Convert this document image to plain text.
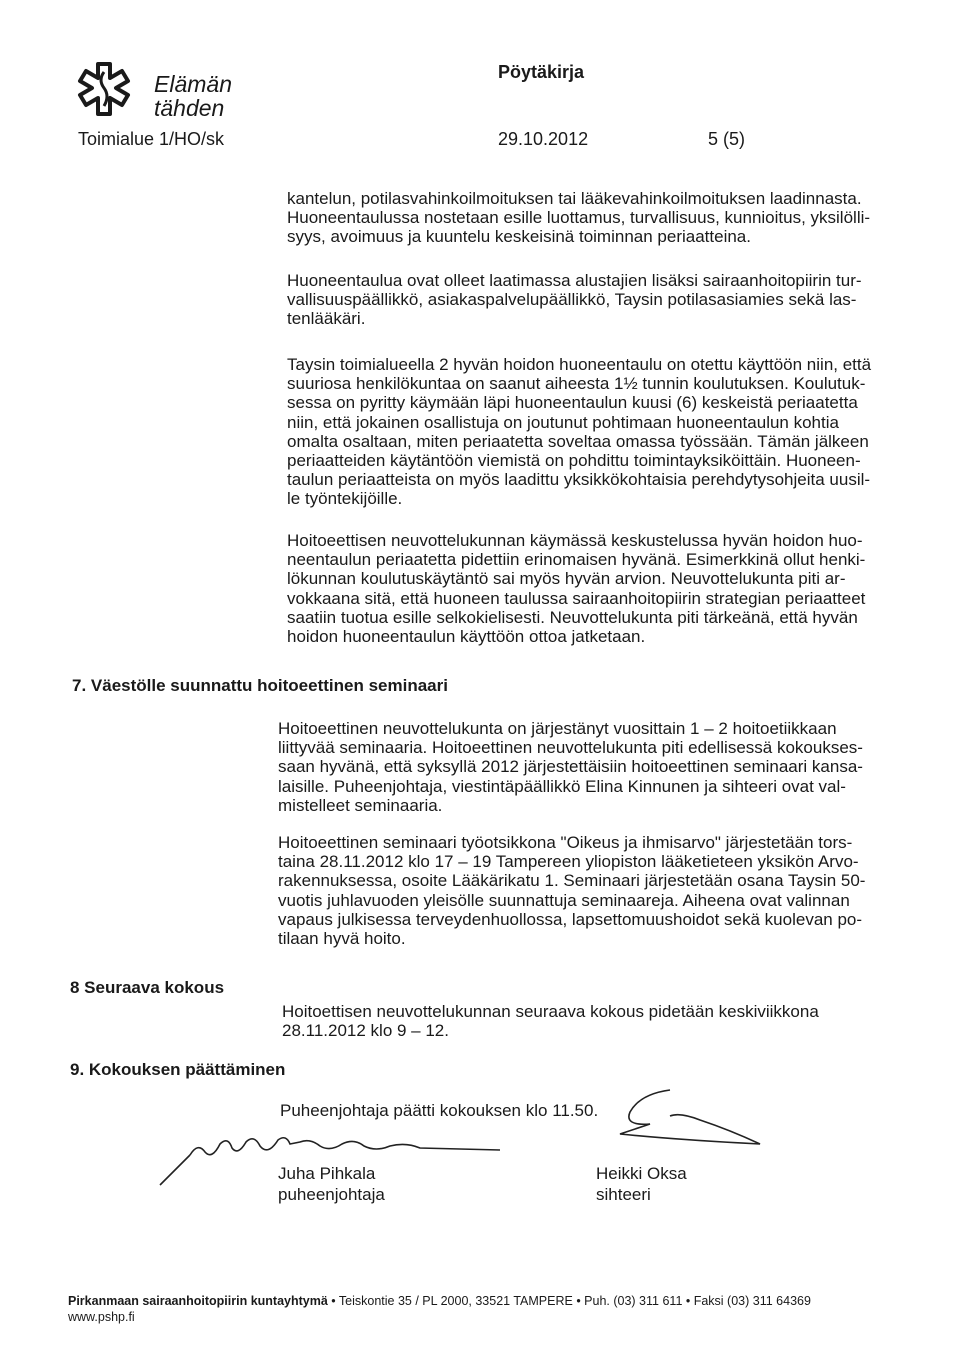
Elämän
tähden
Toimialue 1/HO/sk
Pöytäkirja
29.10.2012	5 (5)

kantelun, potilasvahinkoilmoituksen tai lääkevahinkoilmoituksen laadinnasta.
Huoneentaulussa nostetaan esille luottamus, turvallisuus, kunnioitus, yksilölli-
syys, avoimuus ja kuuntelu keskeisinä toiminnan periaatteina.

Huoneentaulua ovat olleet laatimassa alustajien lisäksi sairaanhoitopiirin tur-
vallisuuspäällikkö, asiakaspalvelupäällikkö, Taysin potilasasiamies sekä las-
tenlääkäri.

Taysin toimialueella 2 hyvän hoidon huoneentaulu on otettu käyttöön niin, että
suuriosa henkilökuntaa on saanut aiheesta 1½ tunnin koulutuksen. Koulutuk-
sessa on pyritty käymään läpi huoneentaulun kuusi (6) keskeistä periaatetta
niin, että jokainen osallistuja on joutunut pohtimaan huoneentaulun kohtia
omalta osaltaan, miten periaatetta soveltaa omassa työssään. Tämän jälkeen
periaatteiden käytäntöön viemistä on pohdittu toimintayksiköittäin. Huoneen-
taulun periaatteista on myös laadittu yksikkökohtaisia perehdytysohjeita uusil-
le työntekijöille.

Hoitoeettisen neuvottelukunnan käymässä keskustelussa hyvän hoidon huo-
neentaulun periaatetta pidettiin erinomaisen hyvänä. Esimerkkinä ollut henki-
lökunnan koulutuskäytäntö sai myös hyvän arvion. Neuvottelukunta piti ar-
vokkaana sitä, että huoneen taulussa sairaanhoitopiirin strategian periaatteet
saatiin tuotua esille selkokielisesti. Neuvottelukunta piti tärkeänä, että hyvän
hoidon huoneentaulun käyttöön ottoa jatketaan.

7. Väestölle suunnattu hoitoeettinen seminaari

Hoitoeettinen neuvottelukunta on järjestänyt vuosittain 1 – 2 hoitoetiikkaan
liittyvää seminaaria. Hoitoeettinen neuvottelukunta piti edellisessä kokoukses-
saan hyvänä, että syksyllä 2012 järjestettäisiin hoitoeettinen seminaari kansa-
laisille. Puheenjohtaja, viestintäpäällikkö Elina Kinnunen ja sihteeri ovat val-
mistelleet seminaaria.

Hoitoeettinen seminaari työotsikkona "Oikeus ja ihmisarvo" järjestetään tors-
taina 28.11.2012 klo 17 – 19 Tampereen yliopiston lääketieteen yksikön Arvo-
rakennuksessa, osoite Lääkärikatu 1. Seminaari järjestetään osana Taysin 50-
vuotis juhlavuoden yleisölle suunnattuja seminaareja. Aiheena ovat valinnan
vapaus julkisessa terveydenhuollossa, lapsettomuushoidot sekä kuolevan po-
tilaan hyvä hoito.

8 Seuraava kokous

Hoitoettisen neuvottelukunnan seuraava kokous pidetään keskiviikkona
28.11.2012 klo 9 – 12.

9. Kokouksen päättäminen

Puheenjohtaja päätti kokouksen klo 11.50.

Juha Pihkala
puheenjohtaja
Heikki Oksa
sihteeri
Pirkanmaan sairaanhoitopiirin kuntayhtymä • Teiskontie 35 / PL 2000, 33521 TAMPERE • Puh. (03) 311 611 • Faksi (03) 311 64369
www.pshp.fi
